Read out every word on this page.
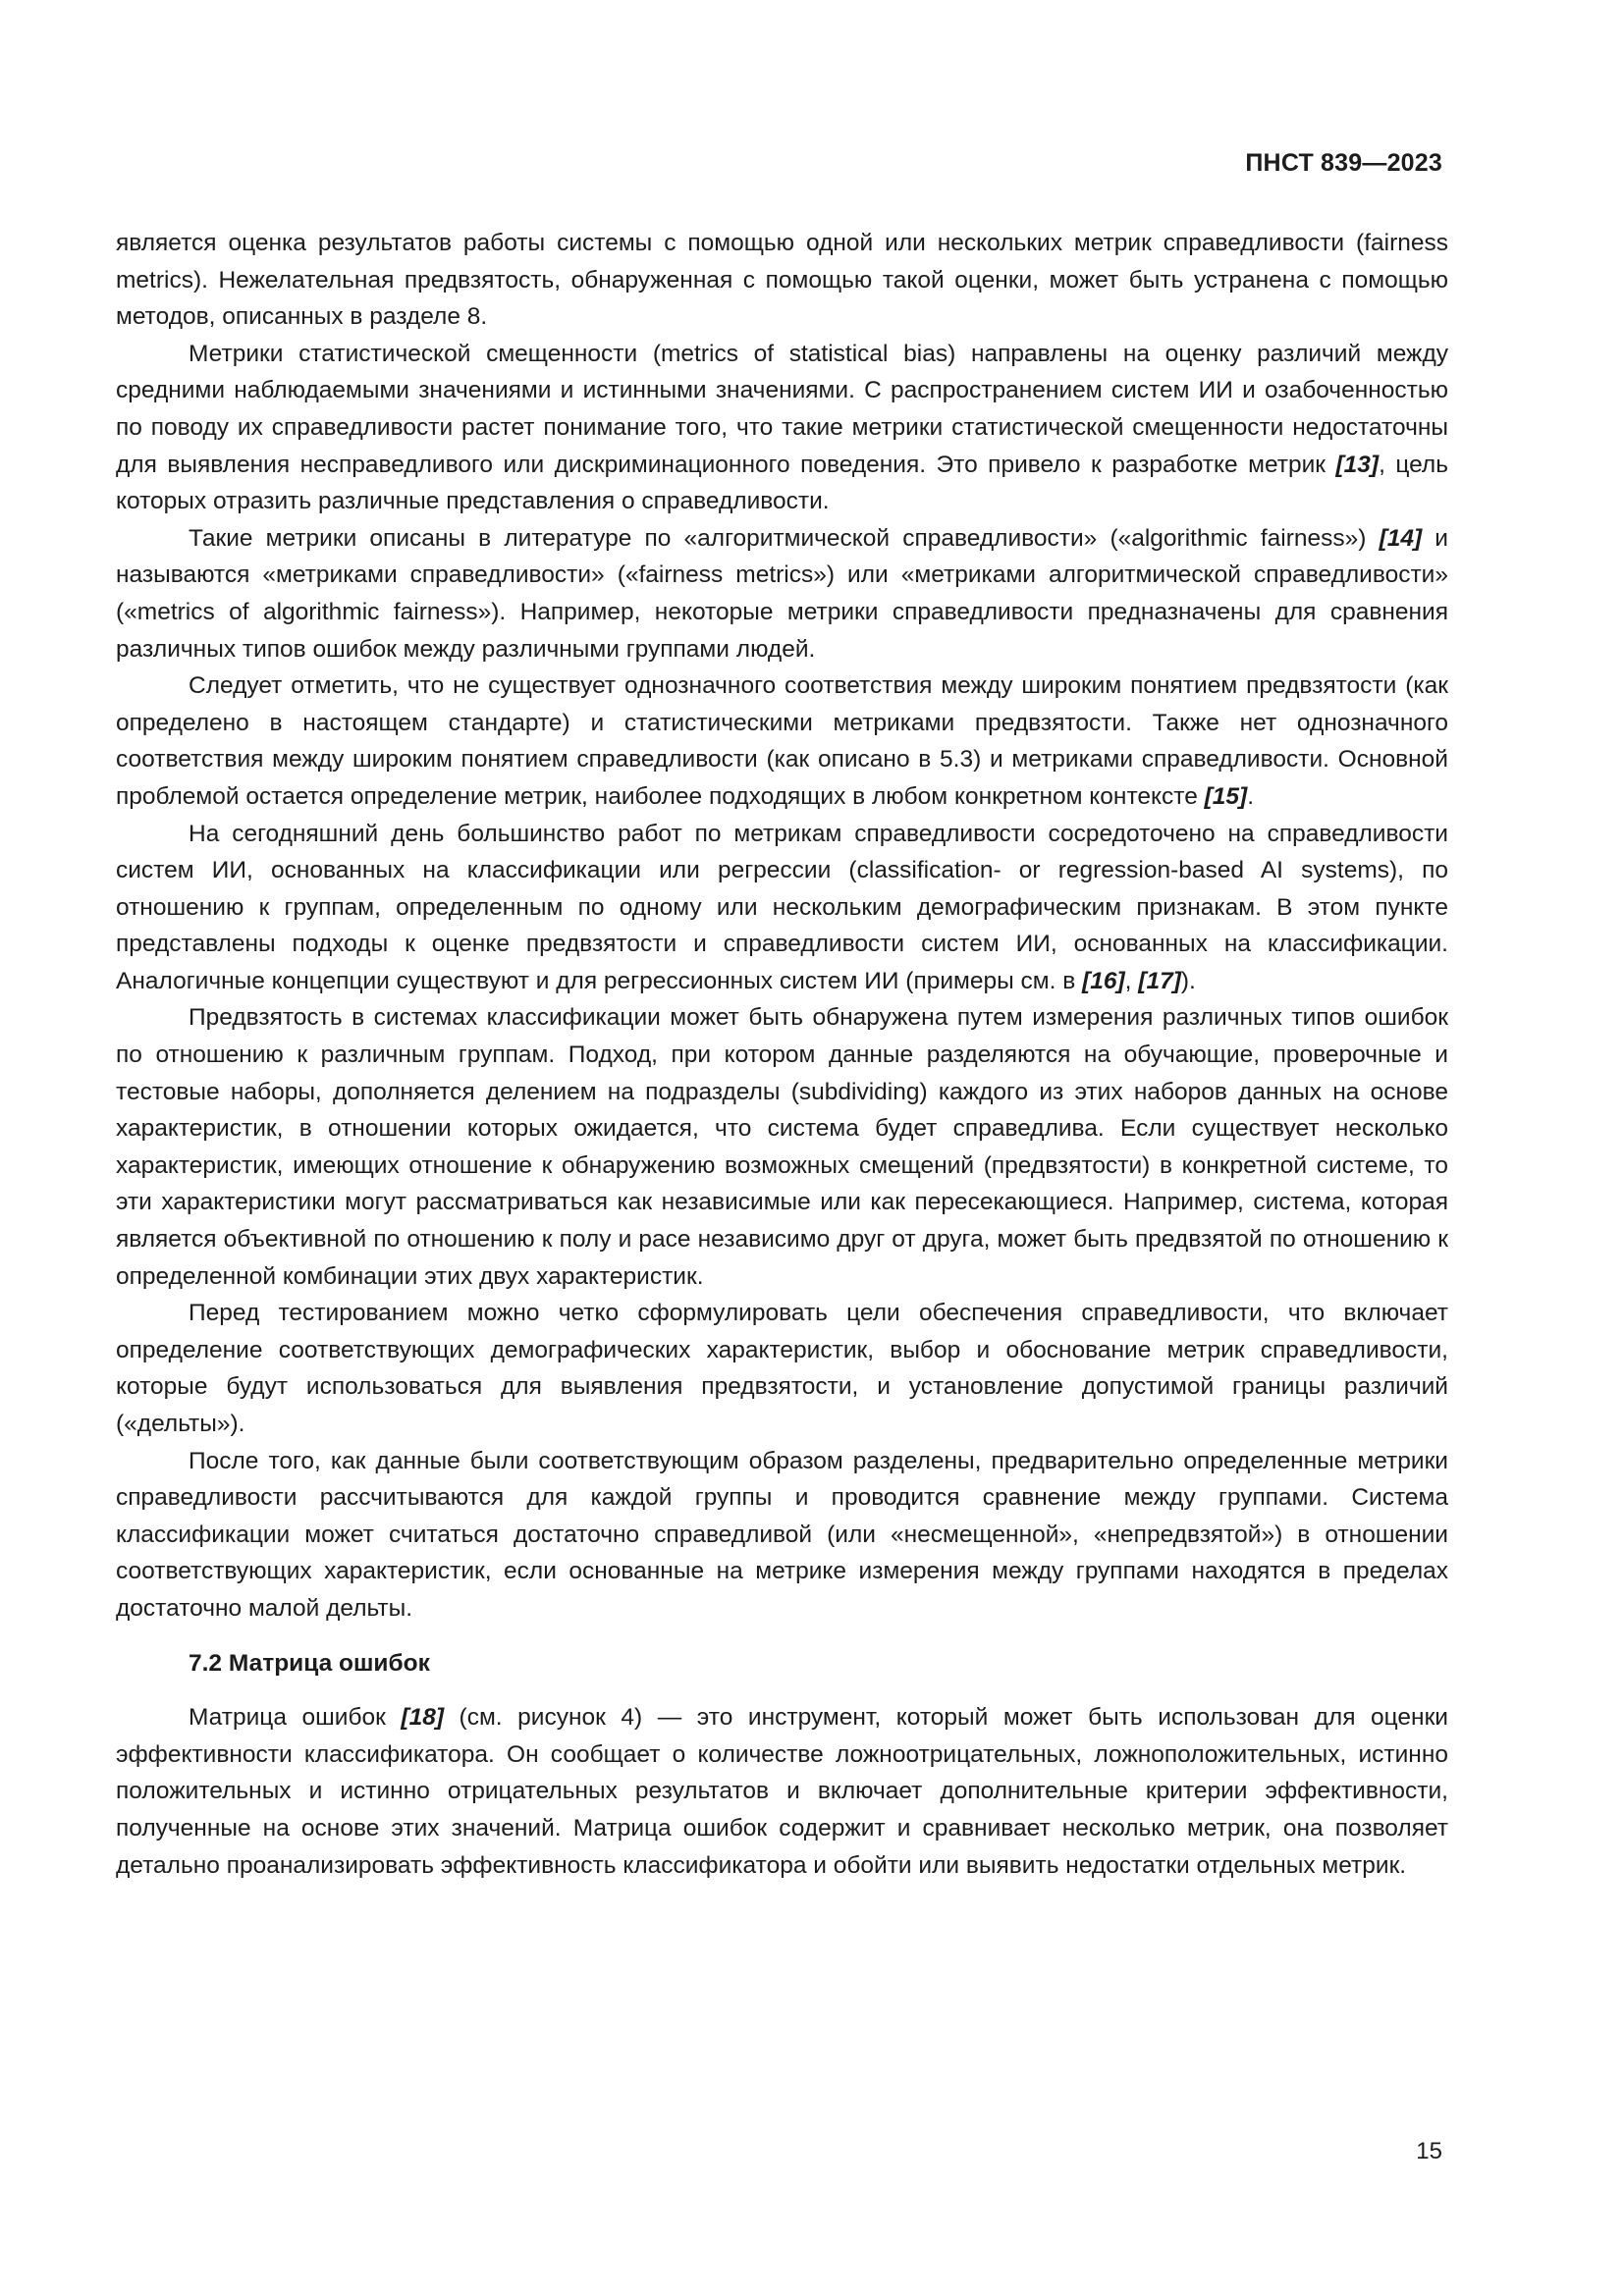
ПНСТ 839—2023

является оценка результатов работы системы с помощью одной или нескольких метрик справедливости (fairness metrics). Нежелательная предвзятость, обнаруженная с помощью такой оценки, может быть устранена с помощью методов, описанных в разделе 8.

Метрики статистической смещенности (metrics of statistical bias) направлены на оценку различий между средними наблюдаемыми значениями и истинными значениями. С распространением систем ИИ и озабоченностью по поводу их справедливости растет понимание того, что такие метрики статистической смещенности недостаточны для выявления несправедливого или дискриминационного поведения. Это привело к разработке метрик [13], цель которых отразить различные представления о справедливости.

Такие метрики описаны в литературе по «алгоритмической справедливости» («algorithmic fairness») [14] и называются «метриками справедливости» («fairness metrics») или «метриками алгоритмической справедливости» («metrics of algorithmic fairness»). Например, некоторые метрики справедливости предназначены для сравнения различных типов ошибок между различными группами людей.

Следует отметить, что не существует однозначного соответствия между широким понятием предвзятости (как определено в настоящем стандарте) и статистическими метриками предвзятости. Также нет однозначного соответствия между широким понятием справедливости (как описано в 5.3) и метриками справедливости. Основной проблемой остается определение метрик, наиболее подходящих в любом конкретном контексте [15].

На сегодняшний день большинство работ по метрикам справедливости сосредоточено на справедливости систем ИИ, основанных на классификации или регрессии (classification- or regression-based AI systems), по отношению к группам, определенным по одному или нескольким демографическим признакам. В этом пункте представлены подходы к оценке предвзятости и справедливости систем ИИ, основанных на классификации. Аналогичные концепции существуют и для регрессионных систем ИИ (примеры см. в [16], [17]).

Предвзятость в системах классификации может быть обнаружена путем измерения различных типов ошибок по отношению к различным группам. Подход, при котором данные разделяются на обучающие, проверочные и тестовые наборы, дополняется делением на подразделы (subdividing) каждого из этих наборов данных на основе характеристик, в отношении которых ожидается, что система будет справедлива. Если существует несколько характеристик, имеющих отношение к обнаружению возможных смещений (предвзятости) в конкретной системе, то эти характеристики могут рассматриваться как независимые или как пересекающиеся. Например, система, которая является объективной по отношению к полу и расе независимо друг от друга, может быть предвзятой по отношению к определенной комбинации этих двух характеристик.

Перед тестированием можно четко сформулировать цели обеспечения справедливости, что включает определение соответствующих демографических характеристик, выбор и обоснование метрик справедливости, которые будут использоваться для выявления предвзятости, и установление допустимой границы различий («дельты»).

После того, как данные были соответствующим образом разделены, предварительно определенные метрики справедливости рассчитываются для каждой группы и проводится сравнение между группами. Система классификации может считаться достаточно справедливой (или «несмещенной», «непредвзятой») в отношении соответствующих характеристик, если основанные на метрике измерения между группами находятся в пределах достаточно малой дельты.

7.2 Матрица ошибок

Матрица ошибок [18] (см. рисунок 4) — это инструмент, который может быть использован для оценки эффективности классификатора. Он сообщает о количестве ложноотрицательных, ложноположительных, истинно положительных и истинно отрицательных результатов и включает дополнительные критерии эффективности, полученные на основе этих значений. Матрица ошибок содержит и сравнивает несколько метрик, она позволяет детально проанализировать эффективность классификатора и обойти или выявить недостатки отдельных метрик.

15
